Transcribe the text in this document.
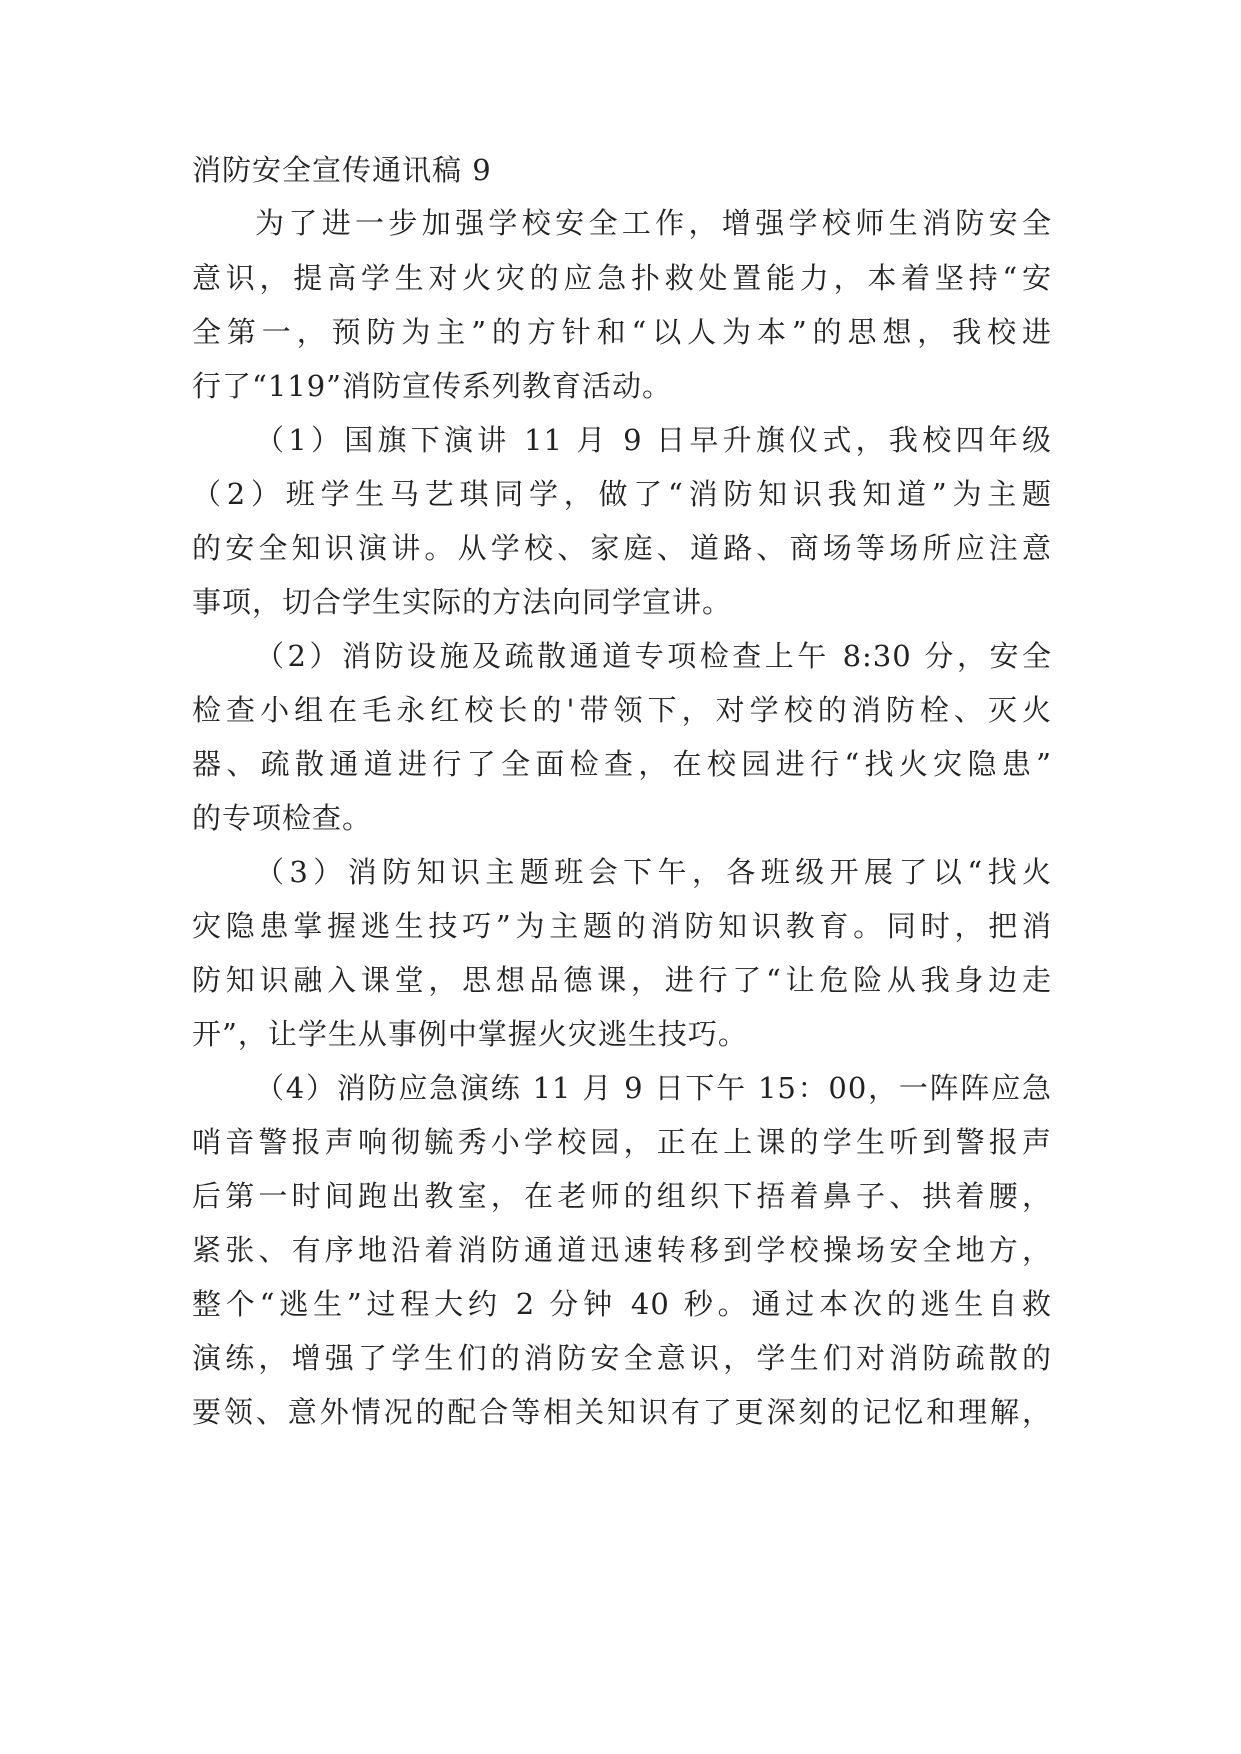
消防安全宣传通讯稿 9
为了进一步加强学校安全工作，增强学校师生消防安全
意识，提高学生对火灾的应急扑救处置能力，本着坚持“安
全第一，预防为主”的方针和“以人为本”的思想，我校进
行了“119”消防宣传系列教育活动。
（1）国旗下演讲 11 月 9 日早升旗仪式，我校四年级
（2）班学生马艺琪同学，做了“消防知识我知道”为主题
的安全知识演讲。从学校、家庭、道路、商场等场所应注意
事项，切合学生实际的方法向同学宣讲。
（2）消防设施及疏散通道专项检查上午 8:30 分，安全
检查小组在毛永红校长的'带领下，对学校的消防栓、灭火
器、疏散通道进行了全面检查，在校园进行“找火灾隐患”
的专项检查。
（3）消防知识主题班会下午，各班级开展了以“找火
灾隐患掌握逃生技巧”为主题的消防知识教育。同时，把消
防知识融入课堂，思想品德课，进行了“让危险从我身边走
开”，让学生从事例中掌握火灾逃生技巧。
（4）消防应急演练 11 月 9 日下午 15：00，一阵阵应急
哨音警报声响彻毓秀小学校园，正在上课的学生听到警报声
后第一时间跑出教室，在老师的组织下捂着鼻子、拱着腰，
紧张、有序地沿着消防通道迅速转移到学校操场安全地方，
整个“逃生”过程大约 2 分钟 40 秒。通过本次的逃生自救
演练，增强了学生们的消防安全意识，学生们对消防疏散的
要领、意外情况的配合等相关知识有了更深刻的记忆和理解，
